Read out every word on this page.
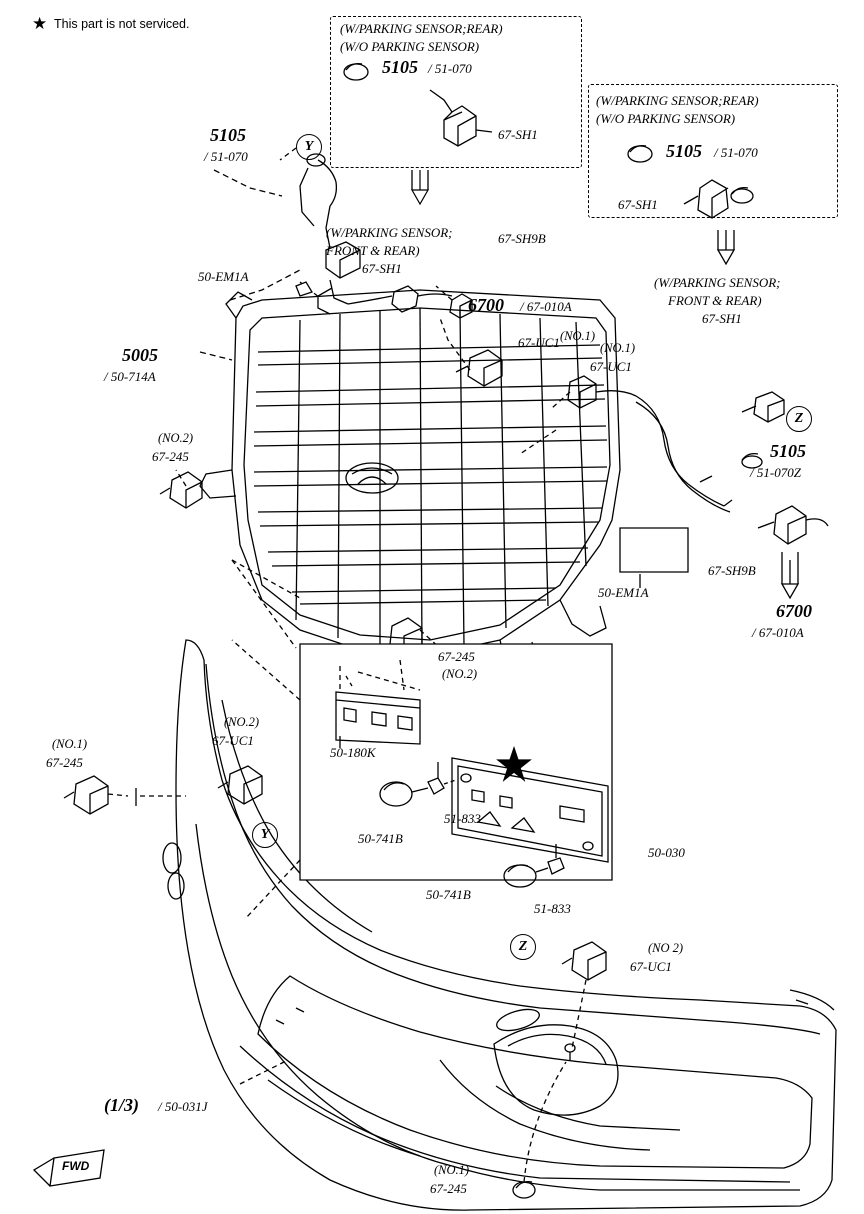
★ This part is not serviced.	(W/PARKING SENSOR;REAR)
(W/O PARKING SENSOR)
5105 / 51-070
67-SH1
(W/PARKING SENSOR;REAR)
(W/O PARKING SENSOR)
5105 / 51-070
67-SH1
5105
/ 51-070
Y
Z
Y
Z
(W/PARKING SENSOR;
FRONT & REAR)
67-SH1
(W/PARKING SENSOR;
FRONT & REAR)
67-SH1
67-SH9B
50-EM1A
6700 / 67-010A
(NO.1)
67-UC1	(NO.1)
67-UC1
5005
/ 50-714A
(NO.2)
67-245	5105
/ 51-070Z
67-SH9B
50-EM1A
6700
/ 67-010A
67-245
(NO.2)
50-180K
50-741B
51-833
50-741B
51-833
50-030
(NO.1)
67-245
(NO.2)
67-UC1
(NO 2)
67-UC1
(1/3) / 50-031J
(NO.1)
67-245
FWD
